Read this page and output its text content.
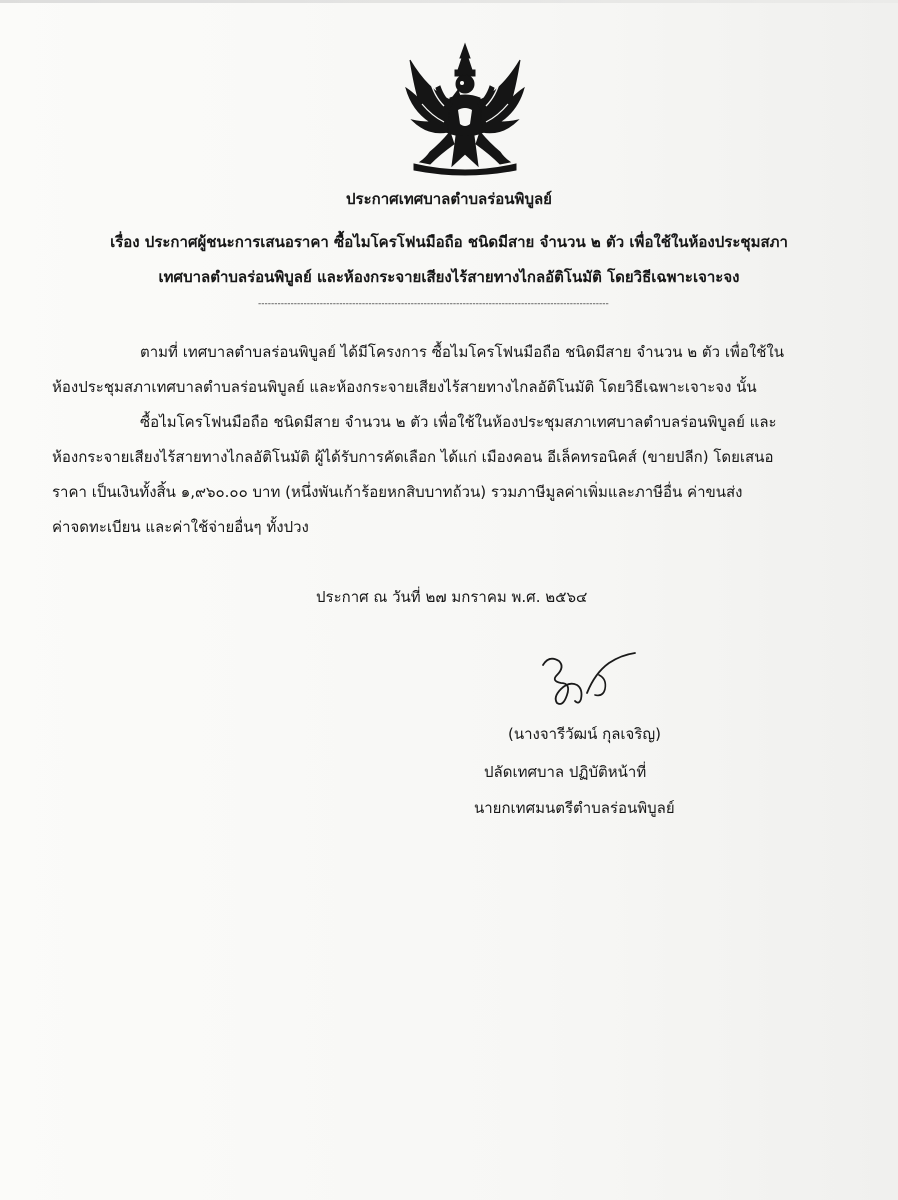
ประกาศเทศบาลตำบลร่อนพิบูลย์
เรื่อง ประกาศผู้ชนะการเสนอราคา ซื้อไมโครโฟนมือถือ ชนิดมีสาย จำนวน ๒ ตัว เพื่อใช้ในห้องประชุมสภา
เทศบาลตำบลร่อนพิบูลย์ และห้องกระจายเสียงไร้สายทางไกลอัติโนมัติ โดยวิธีเฉพาะเจาะจง
------------------------------------------------------------------------------------------------------------
ตามที่ เทศบาลตำบลร่อนพิบูลย์ ได้มีโครงการ ซื้อไมโครโฟนมือถือ ชนิดมีสาย จำนวน ๒ ตัว เพื่อใช้ใน
ห้องประชุมสภาเทศบาลตำบลร่อนพิบูลย์ และห้องกระจายเสียงไร้สายทางไกลอัติโนมัติ โดยวิธีเฉพาะเจาะจง นั้น
ซื้อไมโครโฟนมือถือ ชนิดมีสาย จำนวน ๒ ตัว เพื่อใช้ในห้องประชุมสภาเทศบาลตำบลร่อนพิบูลย์ และ
ห้องกระจายเสียงไร้สายทางไกลอัติโนมัติ ผู้ได้รับการคัดเลือก ได้แก่ เมืองคอน อีเล็คทรอนิคส์ (ขายปลีก) โดยเสนอ
ราคา เป็นเงินทั้งสิ้น ๑,๙๖๐.๐๐ บาท (หนึ่งพันเก้าร้อยหกสิบบาทถ้วน) รวมภาษีมูลค่าเพิ่มและภาษีอื่น ค่าขนส่ง
ค่าจดทะเบียน และค่าใช้จ่ายอื่นๆ ทั้งปวง
ประกาศ ณ วันที่ ๒๗ มกราคม พ.ศ. ๒๕๖๔
(นางจารีวัฒน์ กุลเจริญ)
ปลัดเทศบาล ปฏิบัติหน้าที่
นายกเทศมนตรีตำบลร่อนพิบูลย์
